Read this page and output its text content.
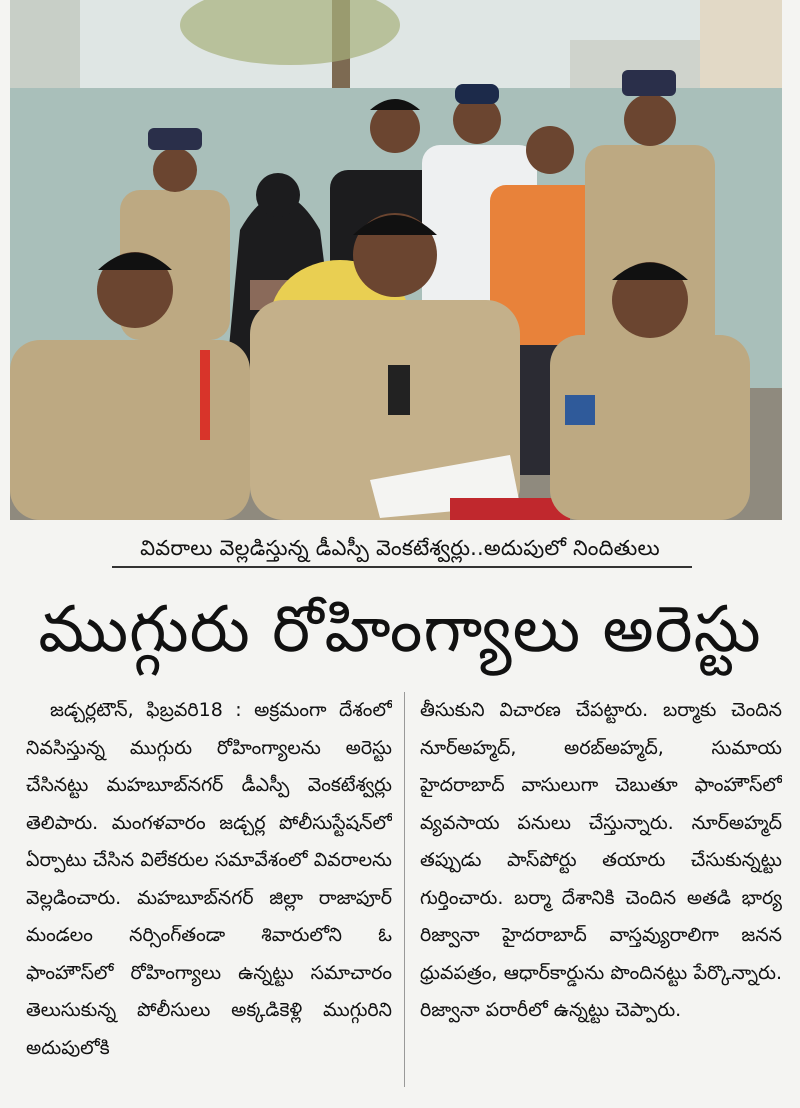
వివరాలు వెల్లడిస్తున్న డీఎస్పీ వెంకటేశ్వర్లు..అదుపులో నిందితులు
ముగ్గురు రోహింగ్యాలు అరెస్టు

జడ్చర్లటౌన్, ఫిబ్రవరి18 : అక్రమంగా దేశంలో నివసిస్తున్న ముగ్గురు రోహింగ్యాలను అరెస్టు చేసినట్టు మహబూబ్‌నగర్ డీఎస్పీ వెంకటేశ్వర్లు తెలిపారు. మంగళవారం జడ్చర్ల పోలీసుస్టేషన్‌లో ఏర్పాటు చేసిన విలేకరుల సమావేశంలో వివరాలను వెల్లడించారు. మహబూబ్‌నగర్ జిల్లా రాజాపూర్ మండలం నర్సింగ్‌తండా శివారులోని ఓ ఫాంహౌస్‌లో రోహింగ్యాలు ఉన్నట్టు సమాచారం తెలుసుకున్న పోలీసులు అక్కడికెళ్లి ముగ్గురిని అదుపులోకి

తీసుకుని విచారణ చేపట్టారు. బర్మాకు చెందిన నూర్‌అహ్మద్, అరబ్‌అహ్మద్, సుమాయ హైదరాబాద్ వాసులుగా చెబుతూ ఫాంహౌస్‌లో వ్యవసాయ పనులు చేస్తున్నారు. నూర్‌అహ్మద్ తప్పుడు పాస్‌పోర్టు తయారు చేసుకున్నట్టు గుర్తించారు. బర్మా దేశానికి చెందిన అతడి భార్య రిజ్వానా హైదరాబాద్ వాస్తవ్యురాలిగా జనన ధ్రువపత్రం, ఆధార్‌కార్డును పొందినట్టు పేర్కొన్నారు. రిజ్వానా పరారీలో ఉన్నట్టు చెప్పారు.
